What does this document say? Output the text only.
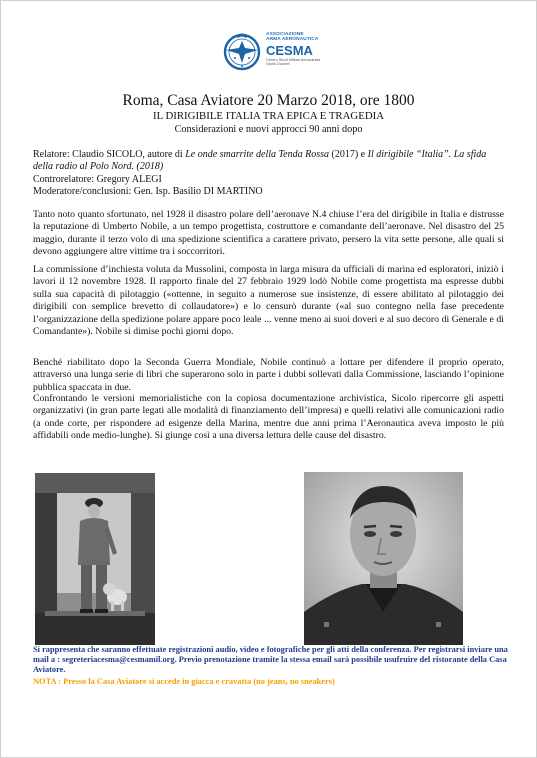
ASSOCIAZIONE
ARMA AERONAUTICA
CESMA
Centro Studi Militari Aeronautici
Giulio Douhet
Roma, Casa Aviatore 20 Marzo 2018, ore 1800
IL DIRIGIBILE ITALIA TRA EPICA E TRAGEDIA
Considerazioni e nuovi approcci 90 anni dopo
Relatore: Claudio SICOLO, autore di Le onde smarrite della Tenda Rossa (2017) e Il dirigibile “Italia”. La sfida della radio al Polo Nord. (2018)
Controrelatore: Gregory ALEGI
Moderatore/conclusioni: Gen. Isp. Basilio DI MARTINO

Tanto noto quanto sfortunato, nel 1928 il disastro polare dell’aeronave N.4 chiuse l’era del dirigibile in Italia e distrusse la reputazione di Umberto Nobile, a un tempo progettista, costruttore e comandante dell’aeronave. Nel disastro del 25 maggio, durante il terzo volo di una spedizione scientifica a carattere privato, persero la vita sette persone, alle quali si devono aggiungere altre vittime tra i soccorritori.

La commissione d’inchiesta voluta da Mussolini, composta in larga misura da ufficiali di marina ed esploratori, iniziò i lavori il 12 novembre 1928. Il rapporto finale del 27 febbraio 1929 lodò Nobile come progettista ma espresse dubbi sulla sua capacità di pilotaggio («ottenne, in seguito a numerose sue insistenze, di essere abilitato al pilotaggio dei dirigibili con semplice brevetto di collaudatore») e lo censurò durante («al suo contegno nella fase precedente l’organizzazione della spedizione polare appare poco leale ... venne meno ai suoi doveri e al suo decoro di Generale e di Comandante»). Nobile si dimise pochi giorni dopo.

Benché riabilitato dopo la Seconda Guerra Mondiale, Nobile continuò a lottare per difendere il proprio operato, attraverso una lunga serie di libri che superarono solo in parte i dubbi sollevati dalla Commissione, lasciando l’opinione pubblica spaccata in due.

Confrontando le versioni memorialistiche con la copiosa documentazione archivistica, Sicolo ripercorre gli aspetti organizzativi (in gran parte legati alle modalità di finanziamento dell’impresa) e quelli relativi alle comunicazioni radio (a onde corte, per rispondere ad esigenze della Marina, mentre due anni prima l’Aeronautica aveva imposto le più affidabili onde medio-lunghe). Si giunge così a una diversa lettura delle cause del disastro.

Si rappresenta che saranno effettuate registrazioni audio, video e fotografiche per gli atti della conferenza. Per registrarsi inviare una mail a : segreteriacesma@cesmamil.org. Previo prenotazione tramite la stessa email sarà possibile usufruire del ristorante della Casa Aviatore.
NOTA : Presso la Casa Aviatore si accede in giacca e cravatta (no jeans, no sneakers)
